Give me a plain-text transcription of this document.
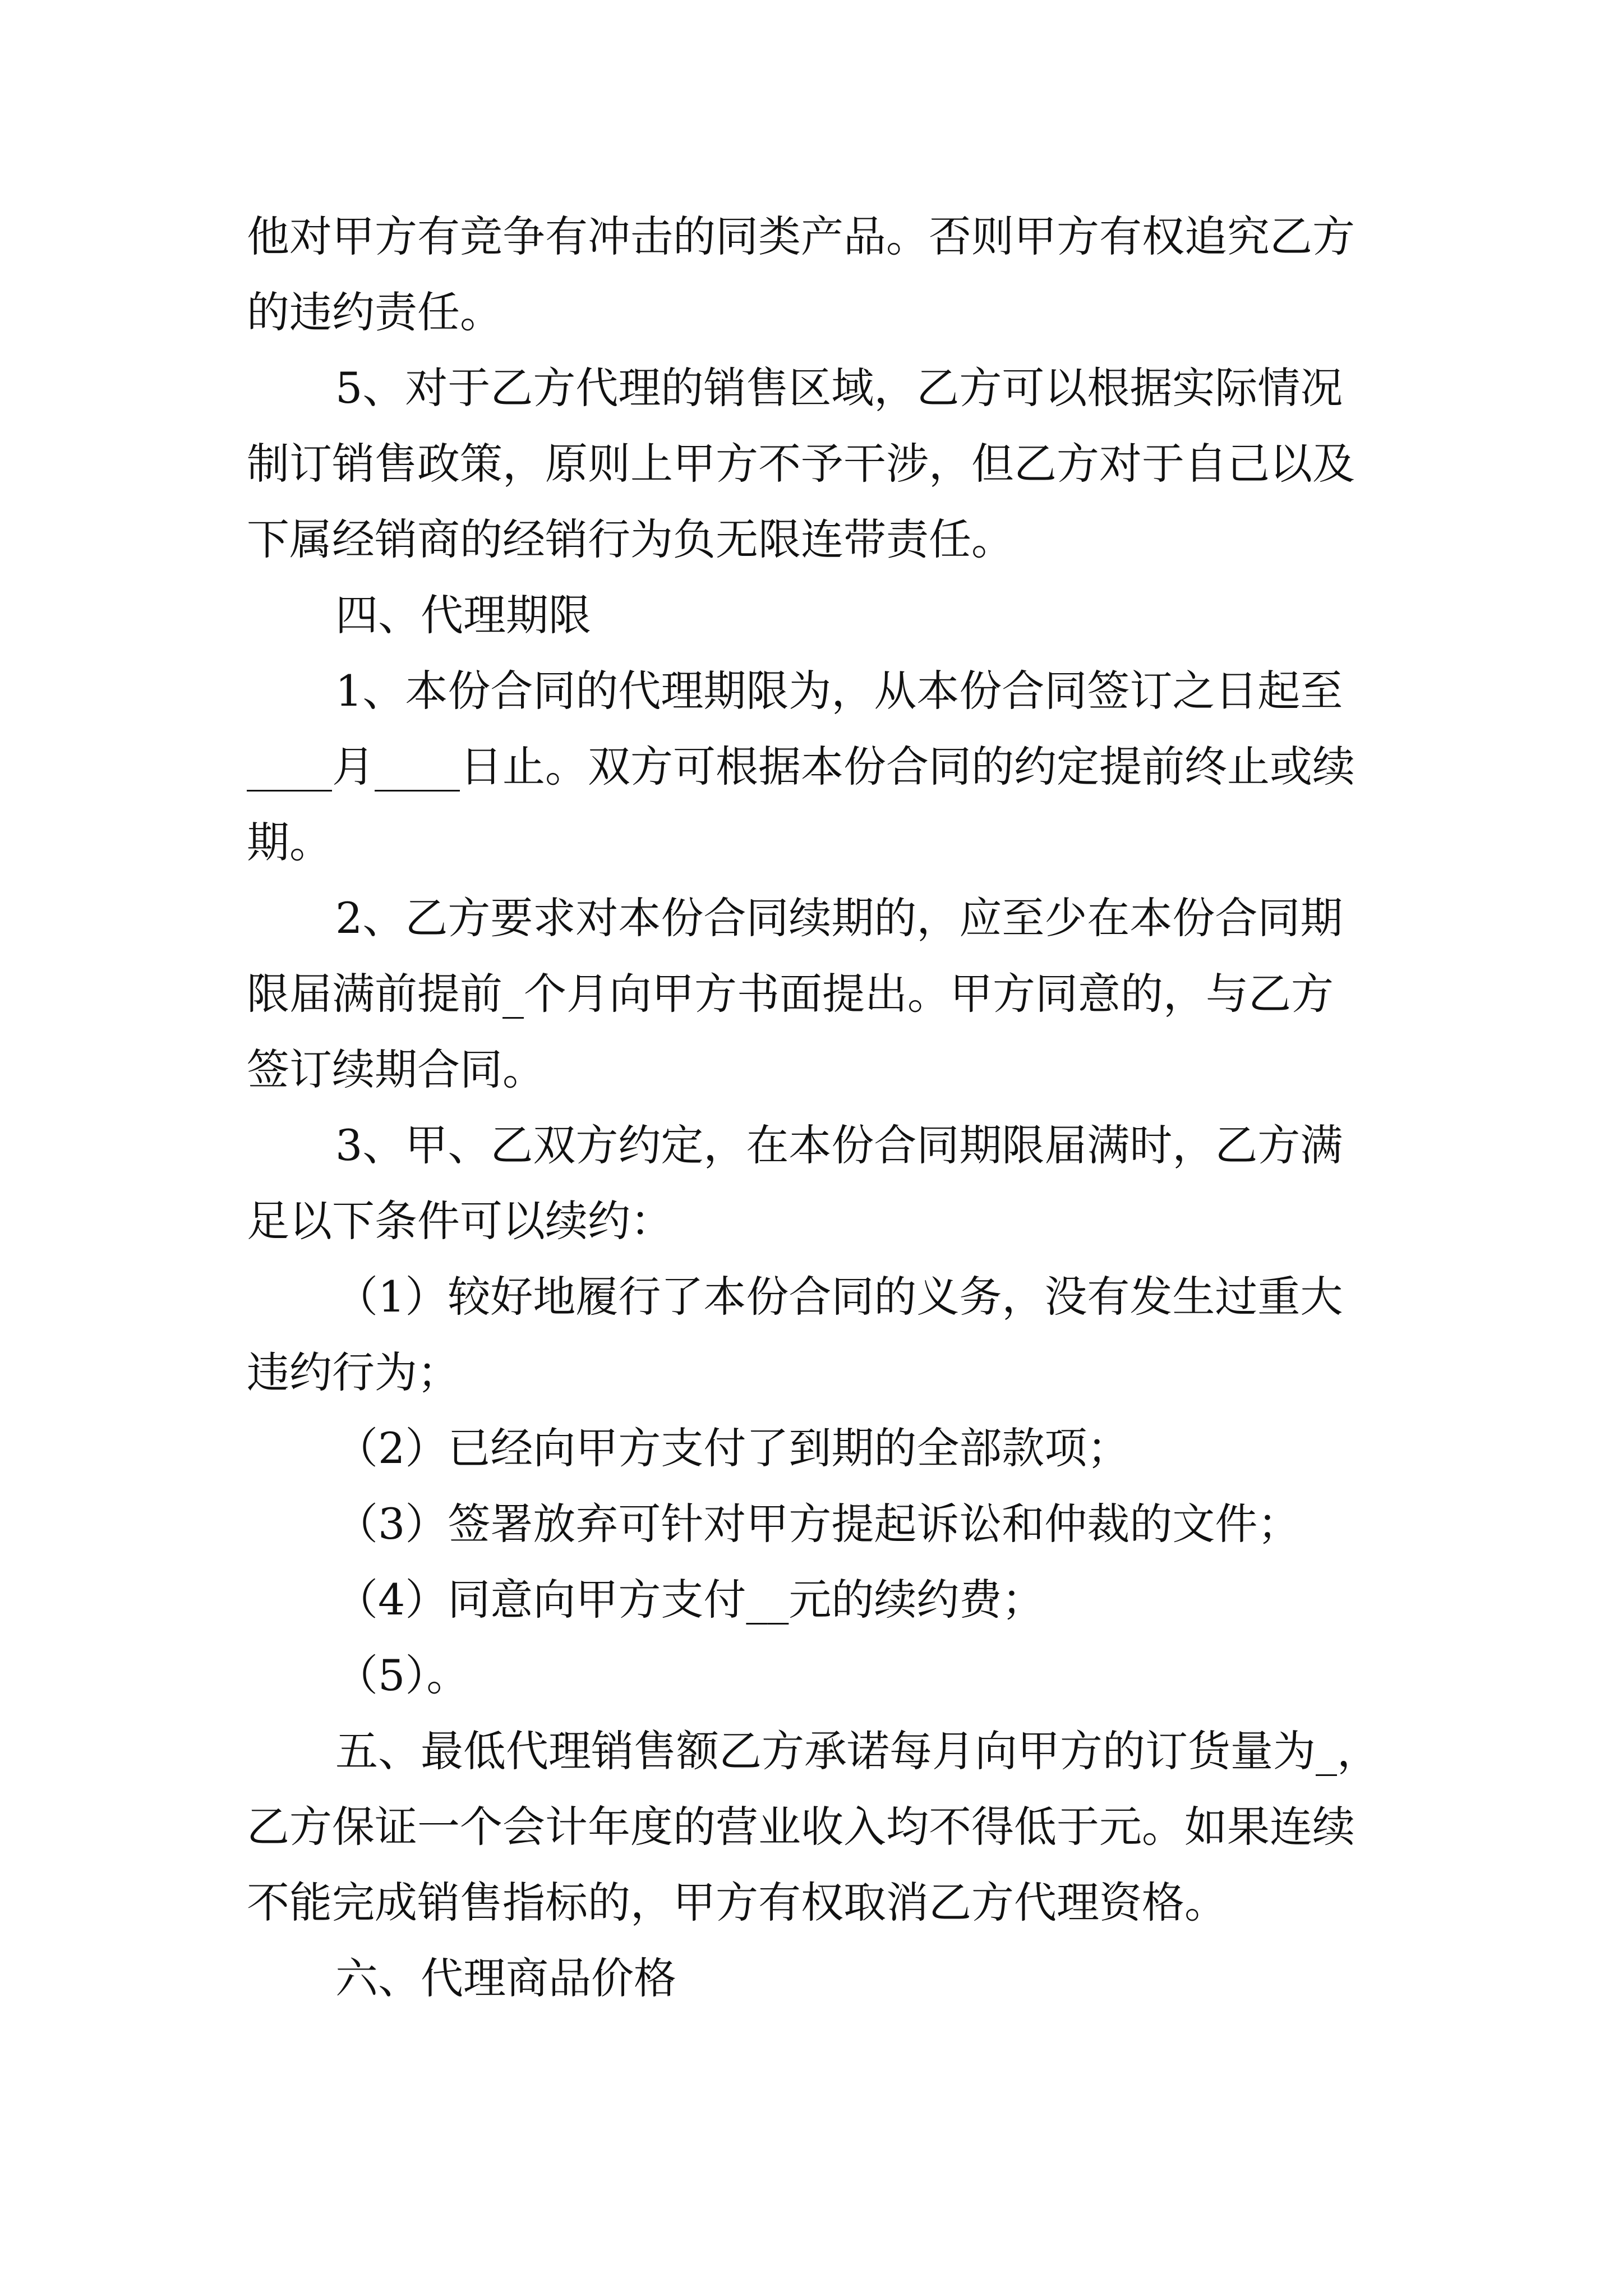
他对甲方有竞争有冲击的同类产品。否则甲方有权追究乙方
的违约责任。
5、对于乙方代理的销售区域，乙方可以根据实际情况
制订销售政策，原则上甲方不予干涉，但乙方对于自己以及
下属经销商的经销行为负无限连带责任。
四、代理期限
1、本份合同的代理期限为，从本份合同签订之日起至
____月____日止。双方可根据本份合同的约定提前终止或续
期。
2、乙方要求对本份合同续期的，应至少在本份合同期
限届满前提前_个月向甲方书面提出。甲方同意的，与乙方
签订续期合同。
3、甲、乙双方约定，在本份合同期限届满时，乙方满
足以下条件可以续约：
（1）较好地履行了本份合同的义务，没有发生过重大
违约行为；
（2）已经向甲方支付了到期的全部款项；
（3）签署放弃可针对甲方提起诉讼和仲裁的文件；
（4）同意向甲方支付__元的续约费；
（5）。
五、最低代理销售额乙方承诺每月向甲方的订货量为_，
乙方保证一个会计年度的营业收入均不得低于元。如果连续
不能完成销售指标的，甲方有权取消乙方代理资格。
六、代理商品价格
